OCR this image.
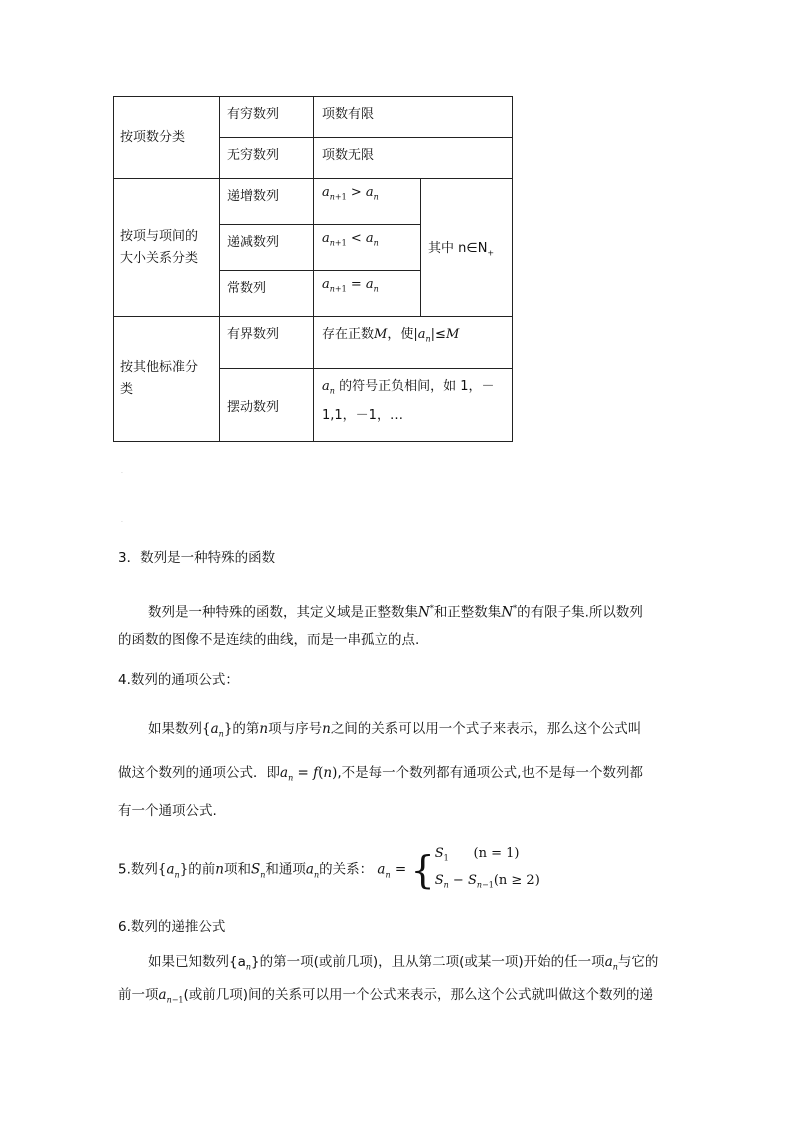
按项数分类	有穷数列	项数有限	
	无穷数列	项数无限	

按项与项间的
大小关系分类	递增数列	$a_{n+1} > a_n$	其中 $n\in N_+$
	递减数列	$a_{n+1} < a_n$
	常数列	$a_{n+1} = a_n$

按其他标准分
类	有界数列	存在正数M，使$|a_n|\le M$	
	摆动数列	$a_n$ 的符号正负相间，如 1，－
1,1，－1，…	
·
·
3．数列是一种特殊的函数
数列是一种特殊的函数，其定义域是正整数集N*和正整数集N*的有限子集.所以数列
的函数的图像不是连续的曲线，而是一串孤立的点.
4.数列的通项公式：
如果数列$\{a_n\}$的第n项与序号n之间的关系可以用一个式子来表示，那么这个公式叫
做这个数列的通项公式．即$a_n = f(n)$,不是每一个数列都有通项公式,也不是每一个数列都
有一个通项公式.
5.数列$\{a_n\}$的前n项和$S_n$和通项$a_n$的关系： $a_n$ = { $S_1$ (n = 1)
$S_n - S_{n-1}(n \ge 2)$
6.数列的递推公式
如果已知数列$\{a_n\}$的第一项(或前几项)，且从第二项(或某一项)开始的任一项$a_n$与它的
前一项$a_{n-1}$(或前几项)间的关系可以用一个公式来表示，那么这个公式就叫做这个数列的递
